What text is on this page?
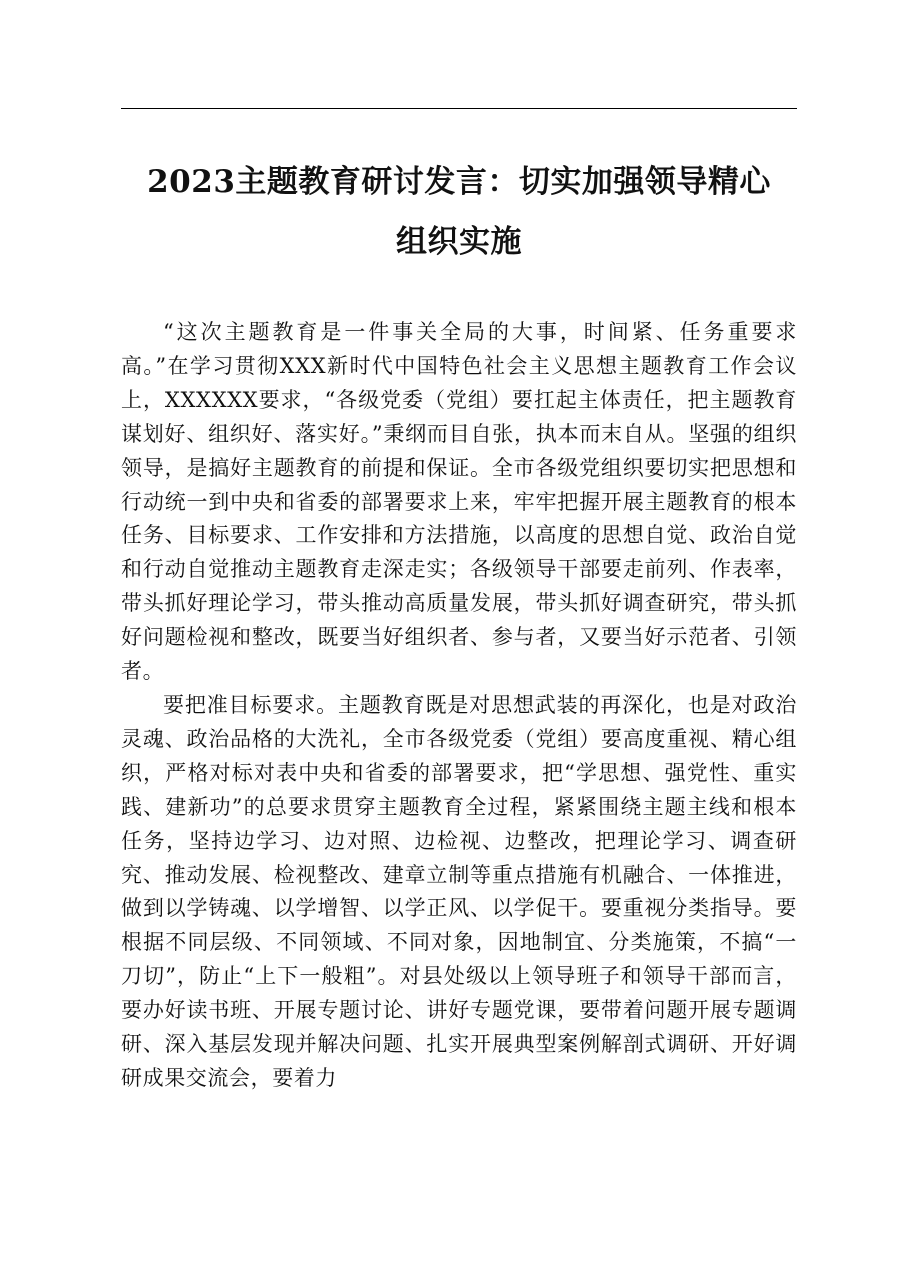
2023主题教育研讨发言：切实加强领导精心
组织实施

“这次主题教育是一件事关全局的大事，时间紧、任务重要求高。”在学习贯彻XXX新时代中国特色社会主义思想主题教育工作会议上，XXXXXX要求，“各级党委（党组）要扛起主体责任，把主题教育谋划好、组织好、落实好。”秉纲而目自张，执本而末自从。坚强的组织领导，是搞好主题教育的前提和保证。全市各级党组织要切实把思想和行动统一到中央和省委的部署要求上来，牢牢把握开展主题教育的根本任务、目标要求、工作安排和方法措施，以高度的思想自觉、政治自觉和行动自觉推动主题教育走深走实；各级领导干部要走前列、作表率，带头抓好理论学习，带头推动高质量发展，带头抓好调查研究，带头抓好问题检视和整改，既要当好组织者、参与者，又要当好示范者、引领者。

要把准目标要求。主题教育既是对思想武装的再深化，也是对政治灵魂、政治品格的大洗礼，全市各级党委（党组）要高度重视、精心组织，严格对标对表中央和省委的部署要求，把“学思想、强党性、重实践、建新功”的总要求贯穿主题教育全过程，紧紧围绕主题主线和根本任务，坚持边学习、边对照、边检视、边整改，把理论学习、调查研究、推动发展、检视整改、建章立制等重点措施有机融合、一体推进，做到以学铸魂、以学增智、以学正风、以学促干。要重视分类指导。要根据不同层级、不同领域、不同对象，因地制宜、分类施策，不搞“一刀切”，防止“上下一般粗”。对县处级以上领导班子和领导干部而言，要办好读书班、开展专题讨论、讲好专题党课，要带着问题开展专题调研、深入基层发现并解决问题、扎实开展典型案例解剖式调研、开好调研成果交流会，要着力
